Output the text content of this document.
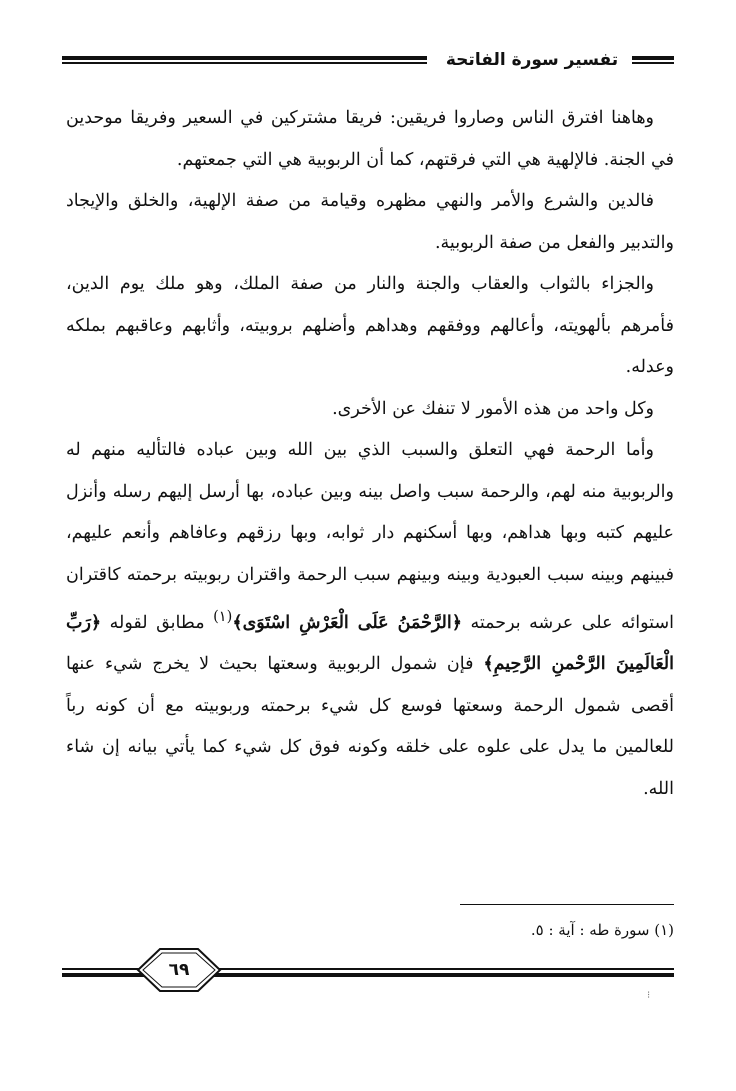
تفسير سورة الفاتحة

وهاهنا افترق الناس وصاروا فريقين: فريقا مشتركين في السعير وفريقا موحدين في الجنة. فالإلهية هي التي فرقتهم، كما أن الربوبية هي التي جمعتهم.

فالدين والشرع والأمر والنهي مظهره وقيامة من صفة الإلهية، والخلق والإيجاد والتدبير والفعل من صفة الربوبية.

والجزاء بالثواب والعقاب والجنة والنار من صفة الملك، وهو ملك يوم الدين، فأمرهم بألهويته، وأعالهم ووفقهم وهداهم وأضلهم بروبيته، وأثابهم وعاقبهم بملكه وعدله.

وكل واحد من هذه الأمور لا تنفك عن الأخرى.

وأما الرحمة فهي التعلق والسبب الذي بين الله وبين عباده فالتأليه منهم له والربوبية منه لهم، والرحمة سبب واصل بينه وبين عباده، بها أرسل إليهم رسله وأنزل عليهم كتبه وبها هداهم، وبها أسكنهم دار ثوابه، وبها رزقهم وعافاهم وأنعم عليهم، فبينهم وبينه سبب العبودية وبينه وبينهم سبب الرحمة واقتران ربوبيته برحمته كاقتران استوائه على عرشه برحمته ﴿الرَّحْمَنُ عَلَى الْعَرْشِ اسْتَوَى﴾$^{(١)}$ مطابق لقوله ﴿رَبِّ الْعَالَمِينَ الرَّحْمنِ الرَّحِيمِ﴾ فإن شمول الربوبية وسعتها بحيث لا يخرج شيء عنها أقصى شمول الرحمة وسعتها فوسع كل شيء برحمته وربوبيته مع أن كونه رباً للعالمين ما يدل على علوه على خلقه وكونه فوق كل شيء كما يأتي بيانه إن شاء الله.

(١) سورة طه : آية : ٥.
٦٩
⁝
